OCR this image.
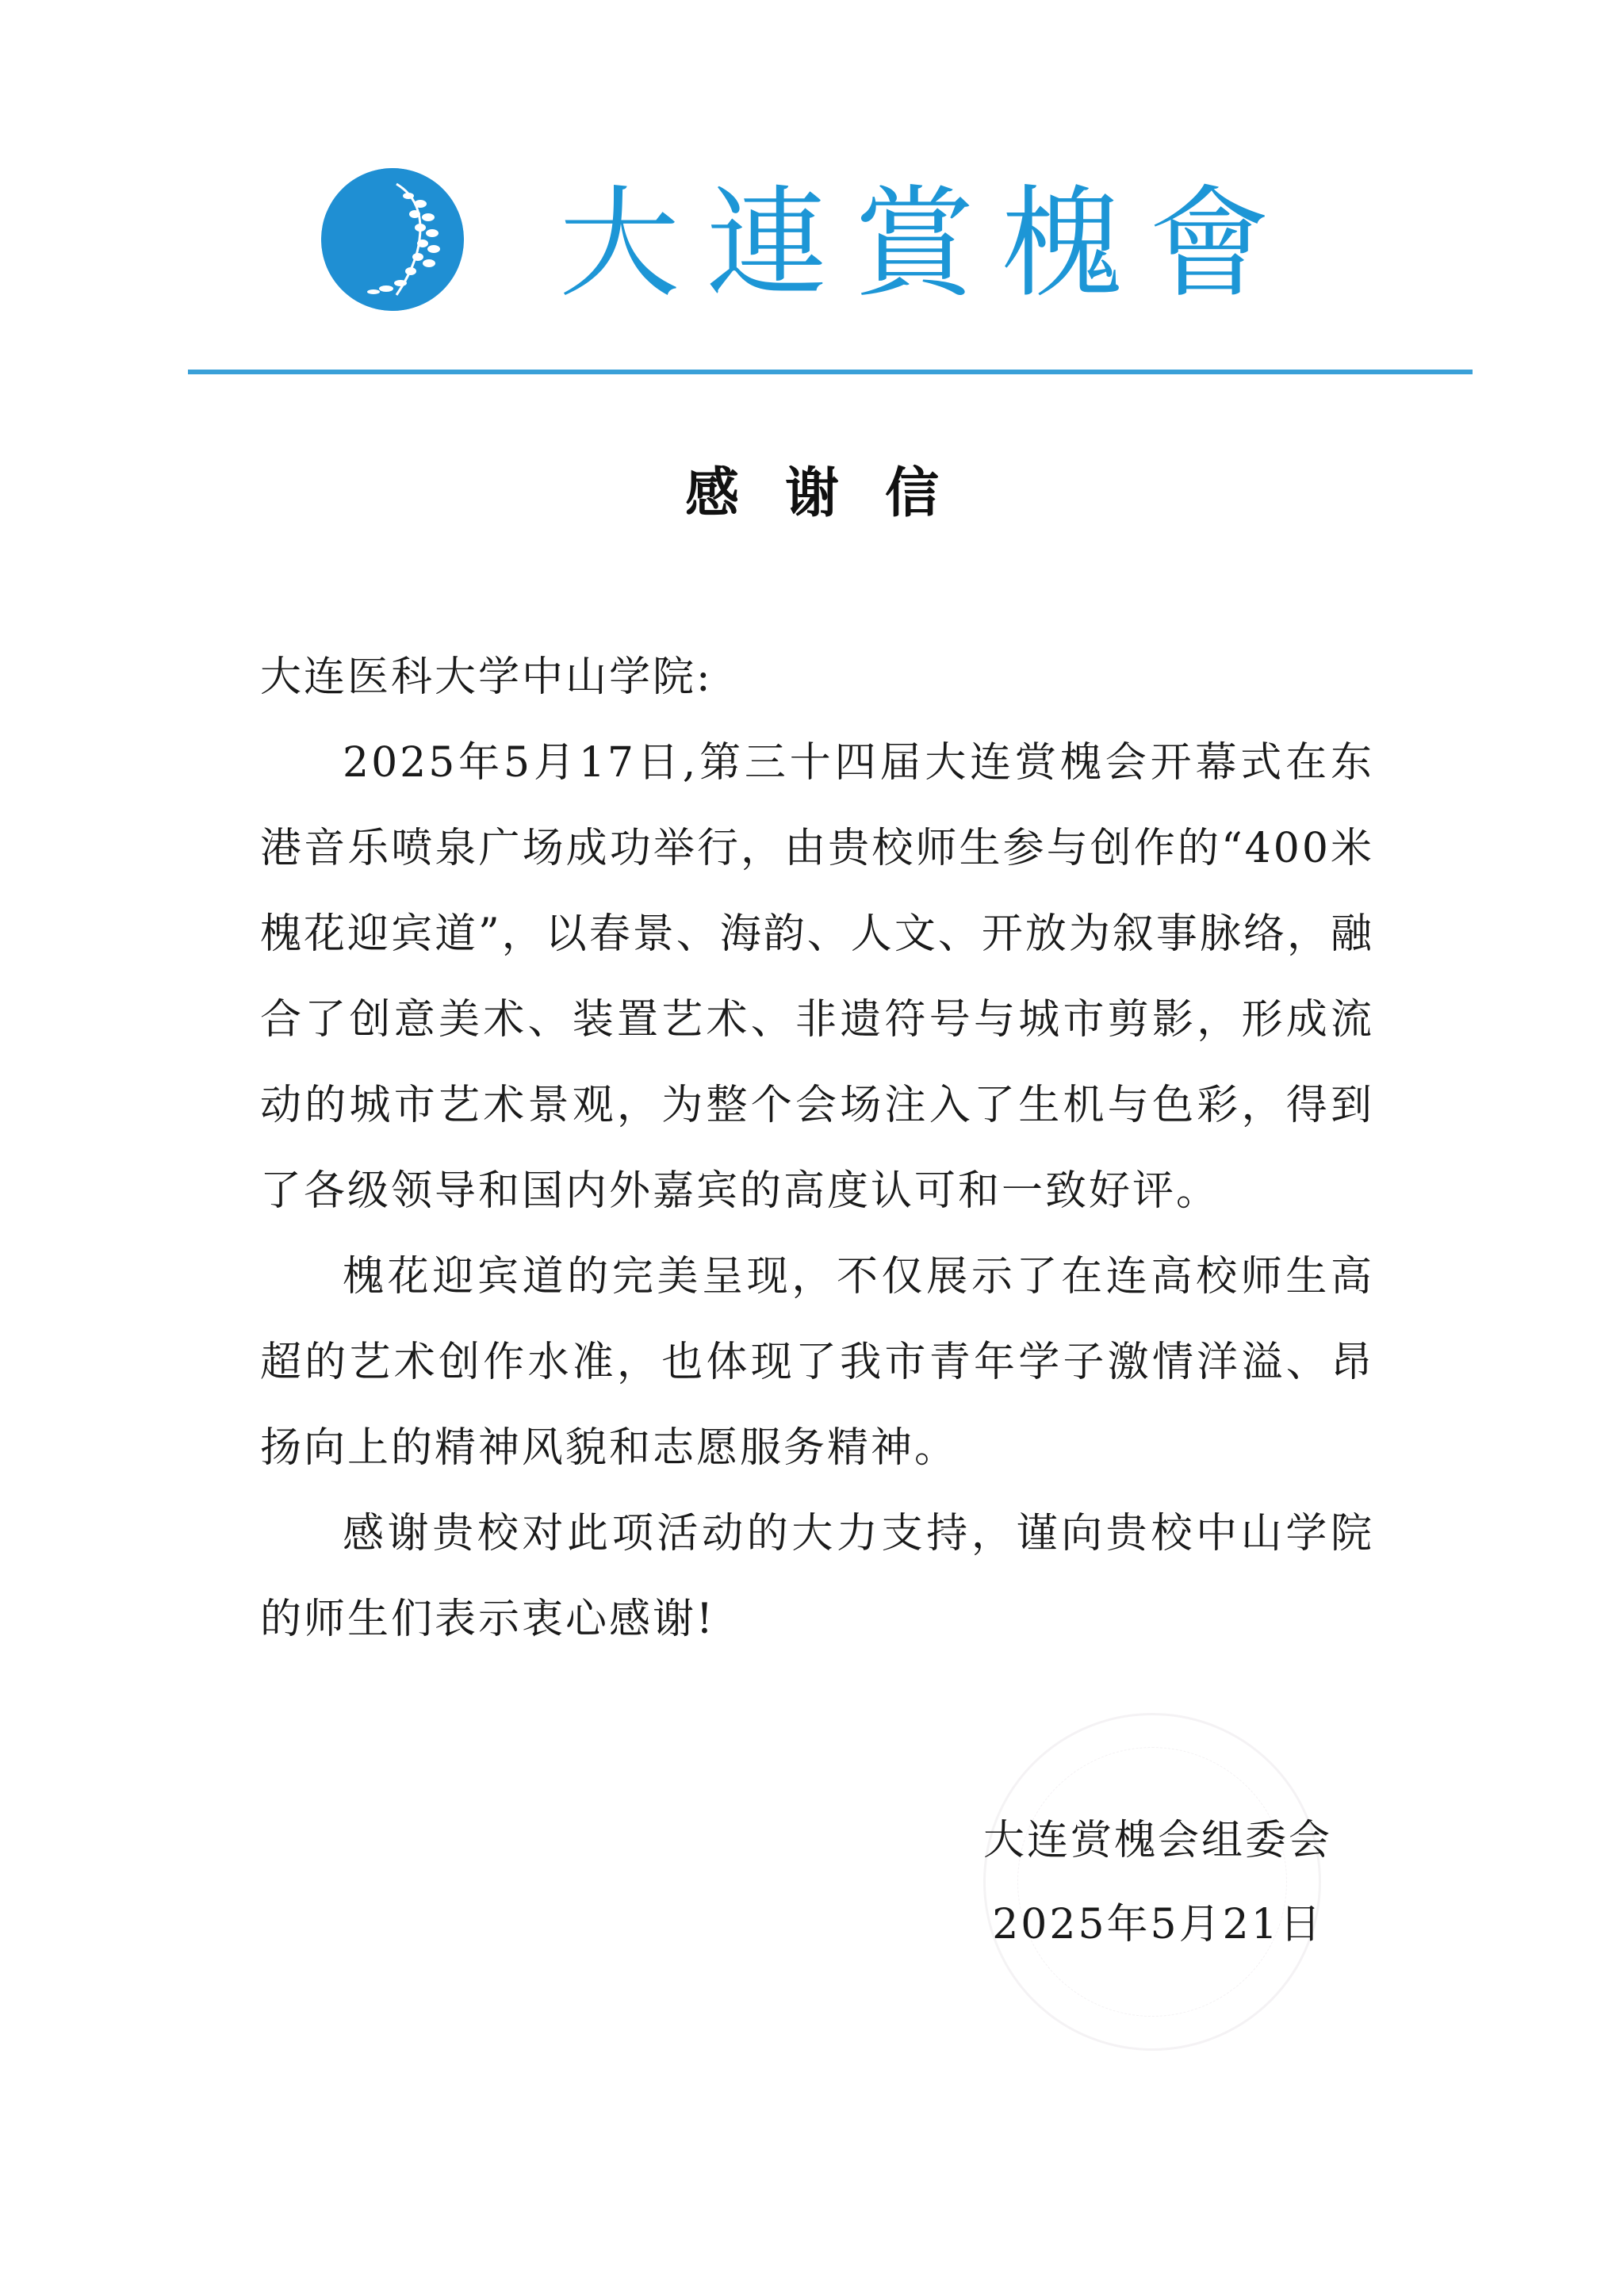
大連賞槐會
感谢信
大连医科大学中山学院:

2025年5月17日,第三十四届大连赏槐会开幕式在东港音乐喷泉广场成功举行，由贵校师生参与创作的“400米槐花迎宾道”，以春景、海韵、人文、开放为叙事脉络，融合了创意美术、装置艺术、非遗符号与城市剪影，形成流动的城市艺术景观，为整个会场注入了生机与色彩，得到了各级领导和国内外嘉宾的高度认可和一致好评。

槐花迎宾道的完美呈现，不仅展示了在连高校师生高超的艺术创作水准，也体现了我市青年学子激情洋溢、昂扬向上的精神风貌和志愿服务精神。

感谢贵校对此项活动的大力支持，谨向贵校中山学院的师生们表示衷心感谢!

大连赏槐会组委会
2025年5月21日
